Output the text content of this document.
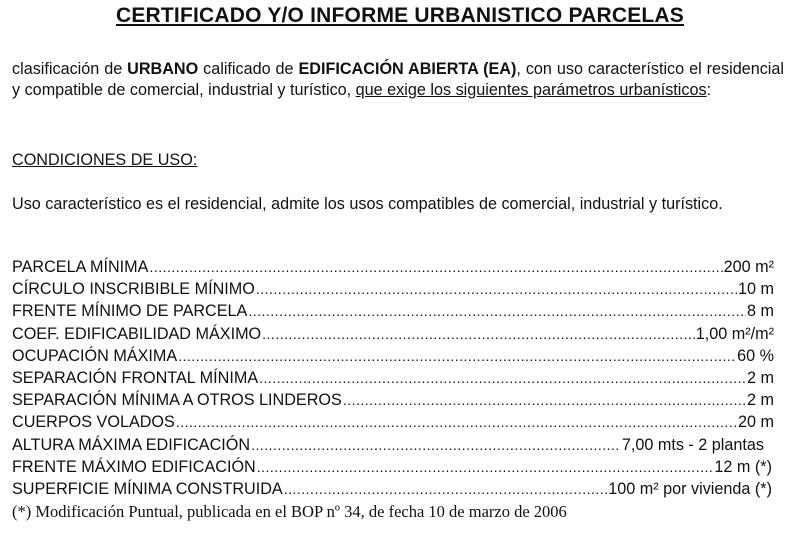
CERTIFICADO Y/O INFORME URBANISTICO PARCELAS
clasificación de URBANO calificado de EDIFICACIÓN ABIERTA (EA), con uso característico el residencial y compatible de comercial, industrial y turístico, que exige los siguientes parámetros urbanísticos:
CONDICIONES DE USO:
Uso característico es el residencial, admite los usos compatibles de comercial, industrial y turístico.
PARCELA MÍNIMA .....	200 m²
CÍRCULO INSCRIBIBLE MÍNIMO .....	10 m
FRENTE MÍNIMO DE PARCELA .....	8 m
COEF. EDIFICABILIDAD MÁXIMO .....	1,00 m²/m²
OCUPACIÓN MÁXIMA .....	60 %
SEPARACIÓN FRONTAL MÍNIMA .....	2 m
SEPARACIÓN MÍNIMA A OTROS LINDEROS .....	2 m
CUERPOS VOLADOS .....	20 m
ALTURA MÁXIMA EDIFICACIÓN .....	7,00 mts - 2 plantas
FRENTE MÁXIMO EDIFICACIÓN .....	12 m (*)
SUPERFICIE MÍNIMA CONSTRUIDA .....	100 m² por vivienda (*)
(*) Modificación Puntual, publicada en el BOP nº 34, de fecha 10 de marzo de 2006
